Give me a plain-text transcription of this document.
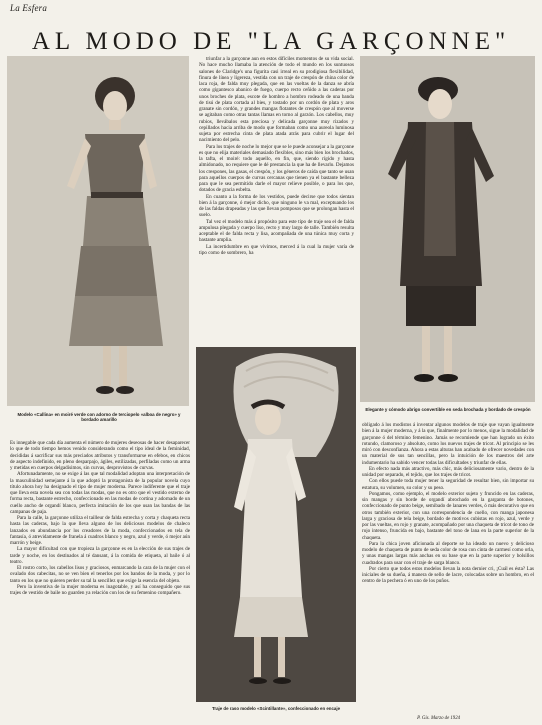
La Esfera
AL MODO DE "LA GARÇONNE"
Modelo «Callina» en moiré verde con adorno de terciopelo «alboa de negro» y bordado amarillo
Elegante y cómodo abrigo convertible en seda brochada y bordado de crespón
Traje de raso modelo «Scintillante», confeccionado en encaje

triunfar a la garçonne aun en estos difíciles momentos de su vida social. No hace mucho llamaba la atención de todo el mundo en los suntuosos salones de Claridge's una figurita casi irreal en su prodigiosa flexibilidad, finura de línea y ligereza, vestida con un traje de crespón de china color de laca roja, de falda muy plegada, que en las vueltas de la danza se abría como gigantesco abanico de fuego, cuerpo recto ceñido a las caderas por unos broches de plata, escote de hombro a hombro rodeado de una banda de tisú de plata cortada al bies, y tostado por un cordón de plata y aros granate sin cordón, y grandes mangas flotantes de crespón que al moverse se agitaban como otras tantas llamas en torno al garzón. Los cabellos, muy rubios, llevábalos esta preciosa y delicada garçonne muy rizados y cepillados hacia arriba de modo que formaban como una aureola luminosa sujeta por estrecha cinta de plata atada atrás para cubrir el lugar del nacimiento del pelo.

Para los trajes de noche lo mejor que se le puede aconsejar a la garçonne es que no elija materiales demasiado flexibles, sino más bien los brochados, la tafta, el moiré: todo aquello, en fin, que, siendo rígido y hasta almidonado, no requiere que le dé prestancia la que ha de llevarlo. Dejamos los crespones, las gasas, el crespón, y los géneros de caída que tanto se usan para aquellos cuerpos de curvas cercanas que tienen ya el bastante belleza para que le sea permitido darle el mayor relieve posible, o para los que, dotados de gracia esbelta.

En cuanto a la forma de los vestidos, puede decirse que todos sientan bien á la garçonne, ó mejor dicho, que ninguno le va mal, exceptuando los de las faldas drapeadas y las que llevan pomposos que se prolongan hasta el suelo.

Tal vez el modelo más á propósito para este tipo de traje sea el de falda ampulosa plegada y cuerpo liso, recto y muy largo de talle. También resulta aceptable el de falda recta y lisa, acompañada de una túnica muy corta y bastante amplia.

La incertidumbre en que vivimos, merced á la cual la mujer varía de tipo como de sombrero, ha

Es innegable que cada día aumenta el número de mujeres deseosas de hacer desaparecer lo que de todo tiempo hemos venido considerando como el tipo ideal de la feminidad, decididas á sacrificar sus más preciados atributos y transformarse en efebos, en chicos de aspecto indefinido, en pleno desparpajo, ágiles, estilizadas, perfiladas como un arma y metidas en cuerpos delgadísimos, sin curvas, desprovistos de curvas.

Afortunadamente, no se exige á las que tal modalidad adoptan una interpretación de la masculinidad semejante á la que adoptó la protagonista de la popular novela cuyo título ahora hoy ha designado el tipo de mujer moderna. Parece indiferente que el traje que lleva esta novela sea con todas las modas, que no es otro que el vestido externo de forma recta, bastante estrecho, confeccionado en las modas de cortina y adornado de un cuello ancho de organdí blanco, perfecta imitación de los que usan las bandas de las campanas de paja.

Para la calle, la garçonne utiliza el tailleur de falda estrecha y corta y chaqueta recta hasta las caderas, bajo la que lleva alguno de los deliciosos modelos de chaleco lanzados en abundancia por los creadores de la moda, confeccionados en tela de fantasía, ó atrevidamente de franela á cuadros blanco y negro, azul y verde, ó mejor aún marrón y beige.

La mayor dificultad con que tropieza la garçonne es en la elección de sus trajes de tarde y noche, en los destinados al té dansant, á la comida de etiqueta, al baile ó al teatro.

El rostro corto, los cabellos lisos y graciosos, enmarcando la cara de la mujer con el ovalado dos cabecitas, no se ven bien el tenerlos por los bandos de la moda, y por lo tanto en los que no quieren perder su tal la sencillez que exige la esencia del objeto.

Pero la inventiva de la mujer moderna es inagotable, y así ha conseguido que sus trajes de vestido de baile no guarden ya relación con los de su femenino compañero.

obligado á los modistos á inventar algunos modelos de traje que vayan igualmente bien á la mujer moderna, y á la que, finalmente por lo menos, sigue la modalidad de garçonne ó del término femenino. Jamás se recomiende que han logrado un éxito rotundo, clamoroso y absoluto, como los nuevos trajes de tricot. Al principio se les miró con desconfianza. Ahora a estas alturas han acabado de ofrecer novedades con un material de sus tan sencillas, pero la intuición de los maestros del arte indumentario ha sabido vencer todas las dificultades y triunfar de ellas.

En efecto nada más atractivo, más chic, más deliciosamente vario, dentro de la unidad por separado, el tejido, que los trajes de tricot.

Con ellos puede toda mujer tener la seguridad de resultar bien, sin importar su estatura, su volumen, su color y su peso.

Pongamos, como ejemplo, el modelo exterior sujeto y fruncido en las caderas, sin mangas y sin borde de organdí abrochado en la garganta de botones, confeccionado de punto beige, semibado de lanares verdes, ó más decorativo que en otros también exterior, con una correspondencia de cuello, con manga japonesa larga y graciosa de tela beige, bordado de motivos cubistas en rojo, azul, verde y por las vueltas, en rojo y granate, acompañado por una chaqueta de tricot de tono de rojo intenso, fruncida en bajo, bastante del tono de lana en la parte superior de la chaqueta.

Para la chica joven aficionada al deporte se ha ideado un nuevo y delicioso modelo de chaqueta de punto de seda color de rosa con cinta de carmesí como orla, y unas mangas largas más anchas en su base que en la parte superior y bolsillos cuadrados para usar con el traje de sarga blanco.

Por cierto que todos estos modelos llevan la nota dernier cri, ¡Cuál es ésta? Las iniciales de su dueña, á manera de sello de lacre, colocadas sobre un hombro, en el centro de la pechera ó en uno de los puños.

P. Gis. Marzo de 1924
